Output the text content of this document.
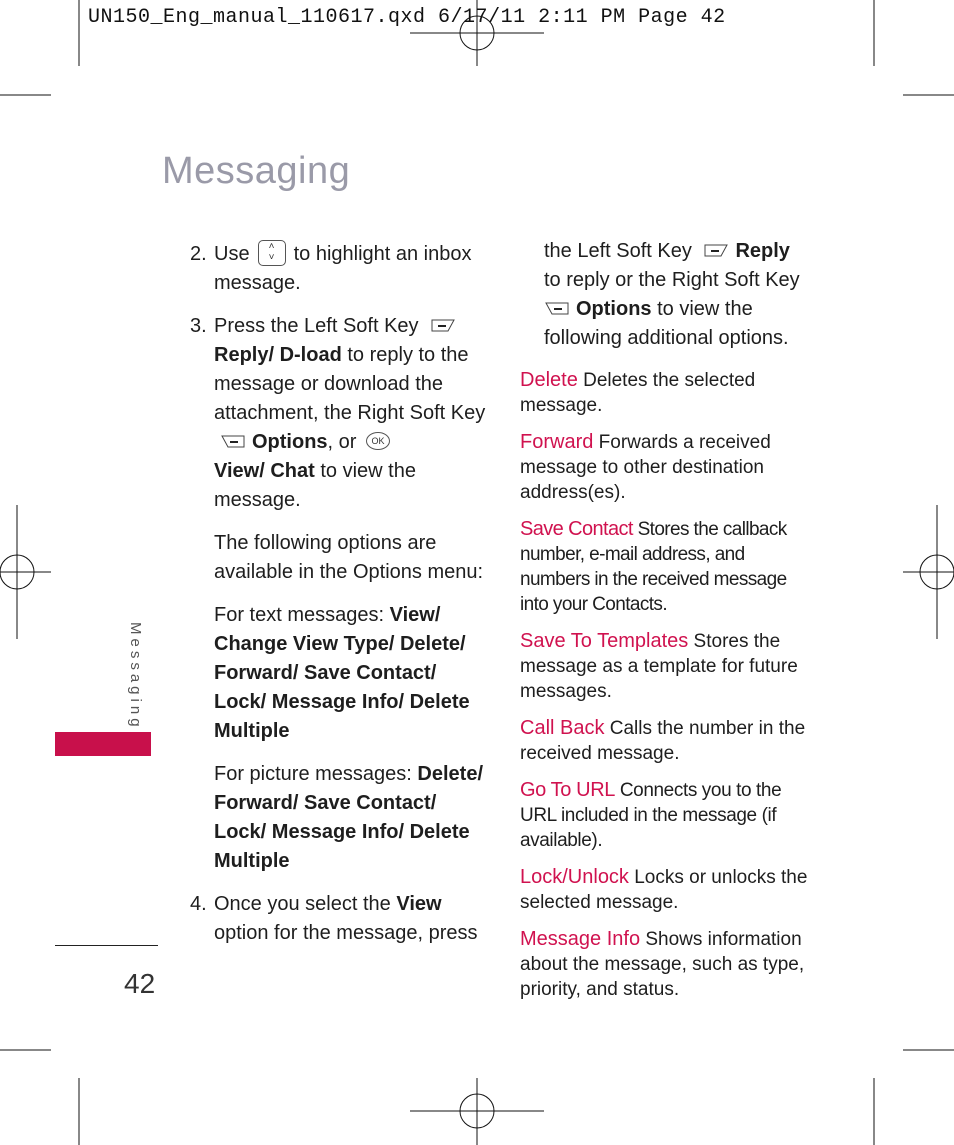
UN150_Eng_manual_110617.qxd 6/17/11 2:11 PM Page 42
Messaging
Messaging
42
2. Use ˄
˅ to highlight an inbox message.

3. Press the Left Soft Key
Reply/ D-load to reply to the message or download the attachment, the Right Soft Key Options, or OK
View/ Chat to view the message.

The following options are available in the Options menu:

For text messages: View/ Change View Type/ Delete/ Forward/ Save Contact/ Lock/ Message Info/ Delete Multiple

For picture messages: Delete/ Forward/ Save Contact/ Lock/ Message Info/ Delete Multiple

4. Once you select the View option for the message, press

the Left Soft Key Reply
to reply or the Right Soft Key
Options to view the following additional options.

Delete Deletes the selected message.
Forward Forwards a received message to other destination address(es).
Save Contact Stores the callback number, e-mail address, and numbers in the received message into your Contacts.
Save To Templates Stores the message as a template for future messages.
Call Back Calls the number in the received message.
Go To URL Connects you to the URL included in the message (if available).
Lock/Unlock Locks or unlocks the selected message.
Message Info Shows information about the message, such as type, priority, and status.
